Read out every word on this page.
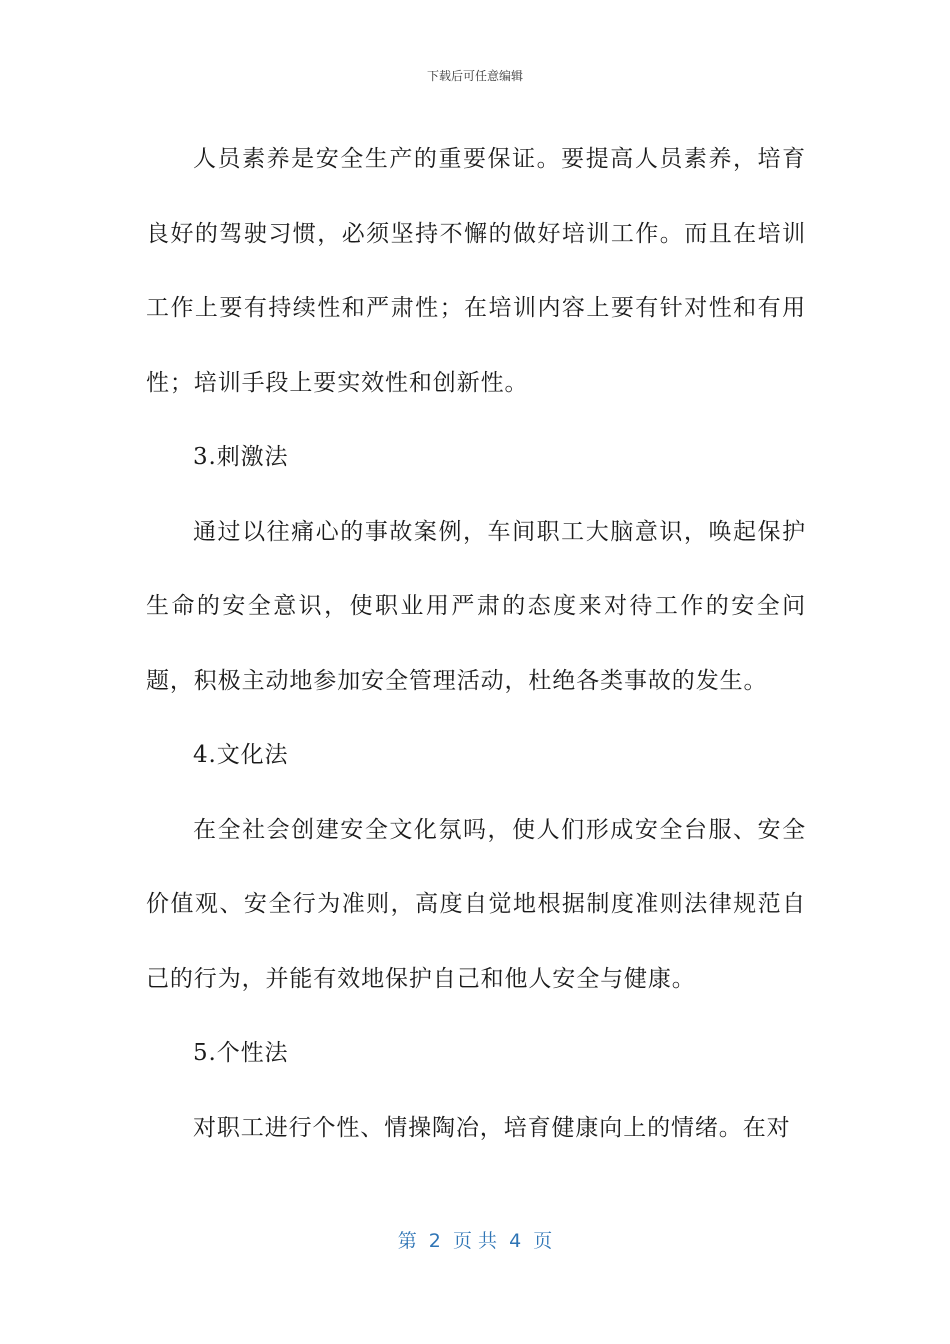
下载后可任意编辑

人员素养是安全生产的重要保证。要提高人员素养，培育良好的驾驶习惯，必须坚持不懈的做好培训工作。而且在培训工作上要有持续性和严肃性；在培训内容上要有针对性和有用性；培训手段上要实效性和创新性。

3.刺激法

通过以往痛心的事故案例，车间职工大脑意识，唤起保护生命的安全意识，使职业用严肃的态度来对待工作的安全问题，积极主动地参加安全管理活动，杜绝各类事故的发生。

4.文化法

在全社会创建安全文化氛吗，使人们形成安全台服、安全价值观、安全行为准则，高度自觉地根据制度准则法律规范自己的行为，并能有效地保护自己和他人安全与健康。

5.个性法

对职工进行个性、情操陶冶，培育健康向上的情绪。在对

第  2  页 共  4  页
